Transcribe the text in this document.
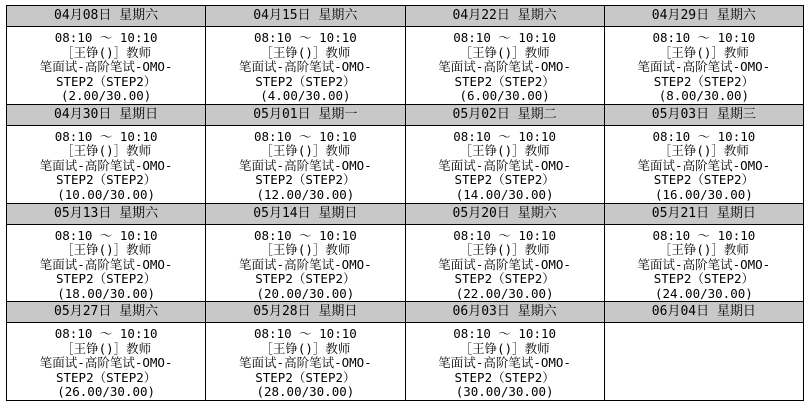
04月08日 星期六
08:10 ～ 10:10
［王铮()］教师
笔面试-高阶笔试-OMO-
STEP2（STEP2）
(2.00/30.00)
04月15日 星期六
08:10 ～ 10:10
［王铮()］教师
笔面试-高阶笔试-OMO-
STEP2（STEP2）
(4.00/30.00)
04月22日 星期六
08:10 ～ 10:10
［王铮()］教师
笔面试-高阶笔试-OMO-
STEP2（STEP2）
(6.00/30.00)
04月29日 星期六
08:10 ～ 10:10
［王铮()］教师
笔面试-高阶笔试-OMO-
STEP2（STEP2）
(8.00/30.00)
04月30日 星期日
08:10 ～ 10:10
［王铮()］教师
笔面试-高阶笔试-OMO-
STEP2（STEP2）
(10.00/30.00)
05月01日 星期一
08:10 ～ 10:10
［王铮()］教师
笔面试-高阶笔试-OMO-
STEP2（STEP2）
(12.00/30.00)
05月02日 星期二
08:10 ～ 10:10
［王铮()］教师
笔面试-高阶笔试-OMO-
STEP2（STEP2）
(14.00/30.00)
05月03日 星期三
08:10 ～ 10:10
［王铮()］教师
笔面试-高阶笔试-OMO-
STEP2（STEP2）
(16.00/30.00)
05月13日 星期六
08:10 ～ 10:10
［王铮()］教师
笔面试-高阶笔试-OMO-
STEP2（STEP2）
(18.00/30.00)
05月14日 星期日
08:10 ～ 10:10
［王铮()］教师
笔面试-高阶笔试-OMO-
STEP2（STEP2）
(20.00/30.00)
05月20日 星期六
08:10 ～ 10:10
［王铮()］教师
笔面试-高阶笔试-OMO-
STEP2（STEP2）
(22.00/30.00)
05月21日 星期日
08:10 ～ 10:10
［王铮()］教师
笔面试-高阶笔试-OMO-
STEP2（STEP2）
(24.00/30.00)
05月27日 星期六
08:10 ～ 10:10
［王铮()］教师
笔面试-高阶笔试-OMO-
STEP2（STEP2）
(26.00/30.00)
05月28日 星期日
08:10 ～ 10:10
［王铮()］教师
笔面试-高阶笔试-OMO-
STEP2（STEP2）
(28.00/30.00)
06月03日 星期六
08:10 ～ 10:10
［王铮()］教师
笔面试-高阶笔试-OMO-
STEP2（STEP2）
(30.00/30.00)
06月04日 星期日
